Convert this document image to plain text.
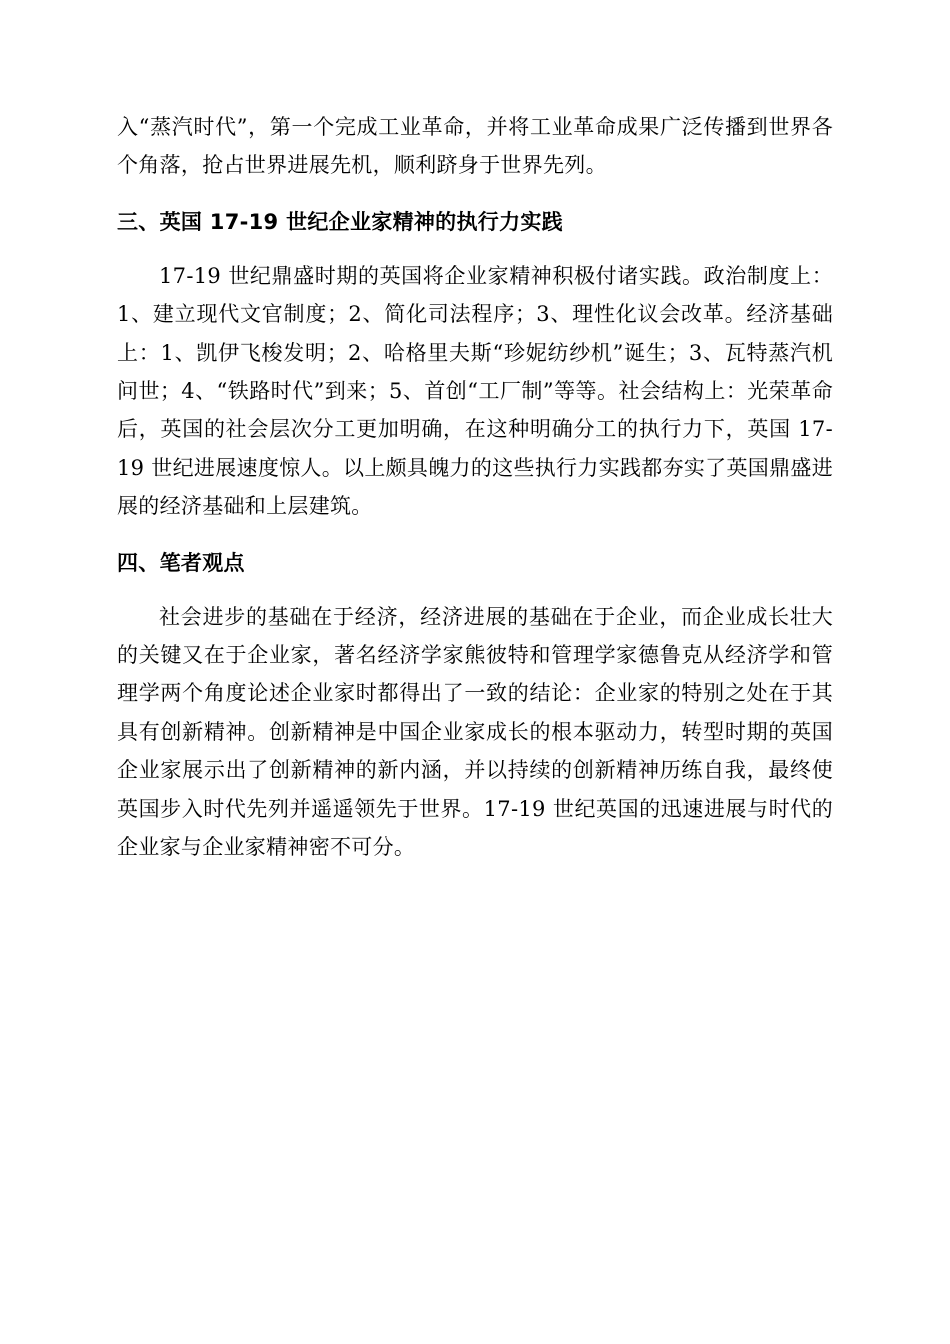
入“蒸汽时代”，第一个完成工业革命，并将工业革命成果广泛传播到世界各个角落，抢占世界进展先机，顺利跻身于世界先列。

三、英国 17-19 世纪企业家精神的执行力实践

17-19 世纪鼎盛时期的英国将企业家精神积极付诸实践。政治制度上：1、建立现代文官制度；2、简化司法程序；3、理性化议会改革。经济基础上：1、凯伊飞梭发明；2、哈格里夫斯“珍妮纺纱机”诞生；3、瓦特蒸汽机问世；4、“铁路时代”到来；5、首创“工厂制”等等。社会结构上：光荣革命后，英国的社会层次分工更加明确，在这种明确分工的执行力下，英国 17-19 世纪进展速度惊人。以上颇具魄力的这些执行力实践都夯实了英国鼎盛进展的经济基础和上层建筑。

四、笔者观点

社会进步的基础在于经济，经济进展的基础在于企业，而企业成长壮大的关键又在于企业家，著名经济学家熊彼特和管理学家德鲁克从经济学和管理学两个角度论述企业家时都得出了一致的结论：企业家的特别之处在于其具有创新精神。创新精神是中国企业家成长的根本驱动力，转型时期的英国企业家展示出了创新精神的新内涵，并以持续的创新精神历练自我，最终使英国步入时代先列并遥遥领先于世界。17-19 世纪英国的迅速进展与时代的企业家与企业家精神密不可分。
